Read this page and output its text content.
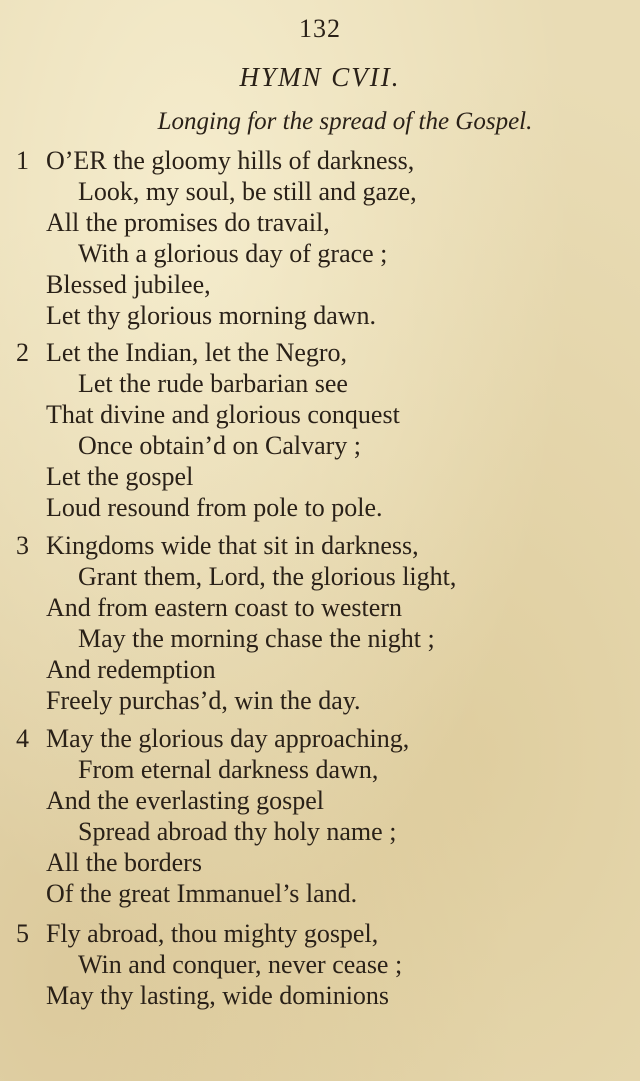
132
HYMN CVII.
Longing for the spread of the Gospel.
1 O’ER the gloomy hills of darkness,
Look, my soul, be still and gaze,
All the promises do travail,
With a glorious day of grace ;
Blessed jubilee,
Let thy glorious morning dawn.
2 Let the Indian, let the Negro,
Let the rude barbarian see
That divine and glorious conquest
Once obtain’d on Calvary ;
Let the gospel
Loud resound from pole to pole.
3 Kingdoms wide that sit in darkness,
Grant them, Lord, the glorious light,
And from eastern coast to western
May the morning chase the night ;
And redemption
Freely purchas’d, win the day.
4 May the glorious day approaching,
From eternal darkness dawn,
And the everlasting gospel
Spread abroad thy holy name ;
All the borders
Of the great Immanuel’s land.
5 Fly abroad, thou mighty gospel,
Win and conquer, never cease ;
May thy lasting, wide dominions
